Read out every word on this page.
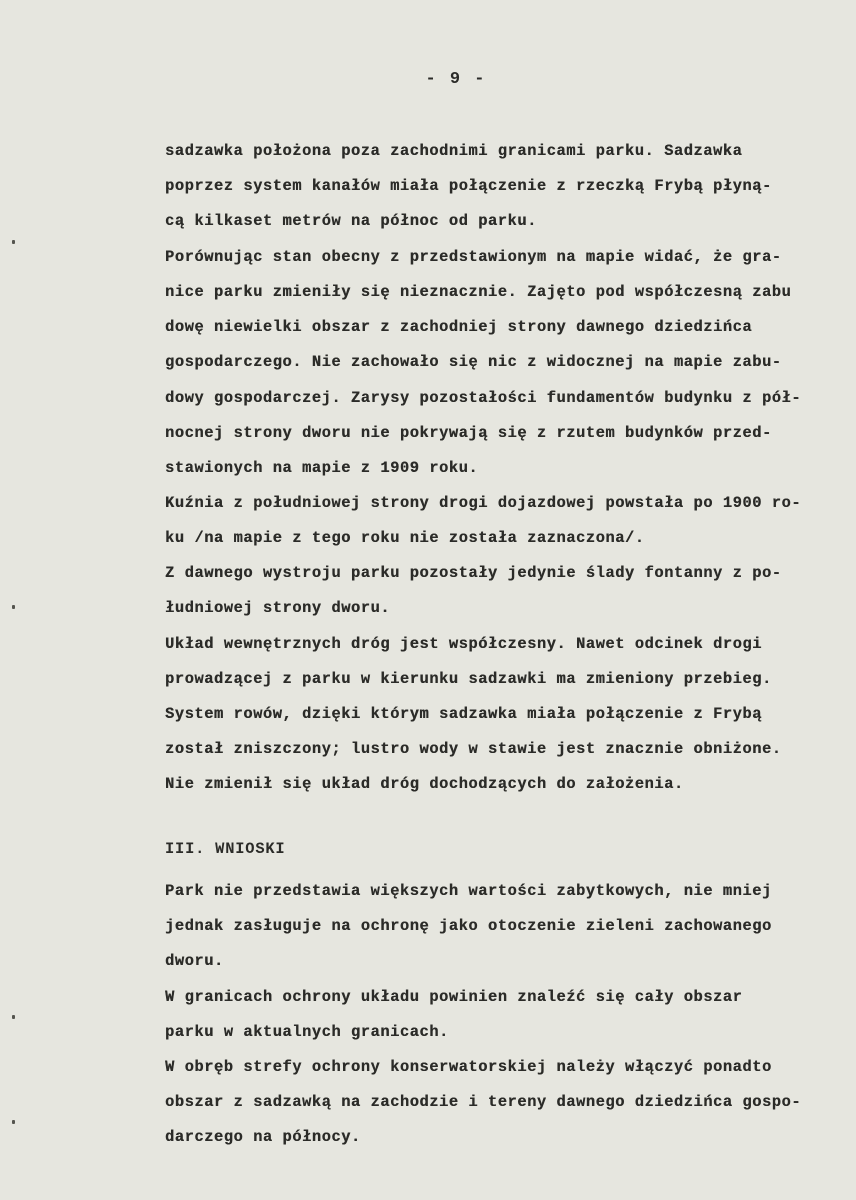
- 9 -
sadzawka położona poza zachodnimi granicami parku. Sadzawka
poprzez system kanałów miała połączenie z rzeczką Frybą płyną-
cą kilkaset metrów na północ od parku.
Porównując stan obecny z przedstawionym na mapie widać, że gra-
nice parku zmieniły się nieznacznie. Zajęto pod współczesną zabu
dowę niewielki obszar z zachodniej strony dawnego dziedzińca
gospodarczego. Nie zachowało się nic z widocznej na mapie zabu-
dowy gospodarczej. Zarysy pozostałości fundamentów budynku z pół-
nocnej strony dworu nie pokrywają się z rzutem budynków przed-
stawionych na mapie z 1909 roku.
Kuźnia z południowej strony drogi dojazdowej powstała po 1900 ro-
ku /na mapie z tego roku nie została zaznaczona/.
Z dawnego wystroju parku pozostały jedynie ślady fontanny z po-
łudniowej strony dworu.
Układ wewnętrznych dróg jest współczesny. Nawet odcinek drogi
prowadzącej z parku w kierunku sadzawki ma zmieniony przebieg.
System rowów, dzięki którym sadzawka miała połączenie z Frybą
został zniszczony; lustro wody w stawie jest znacznie obniżone.
Nie zmienił się układ dróg dochodzących do założenia.
III. WNIOSKI
Park nie przedstawia większych wartości zabytkowych, nie mniej
jednak zasługuje na ochronę jako otoczenie zieleni zachowanego
dworu.
W granicach ochrony układu powinien znaleźć się cały obszar
parku w aktualnych granicach.
W obręb strefy ochrony konserwatorskiej należy włączyć ponadto
obszar z sadzawką na zachodzie i tereny dawnego dziedzińca gospo-
darczego na północy.
